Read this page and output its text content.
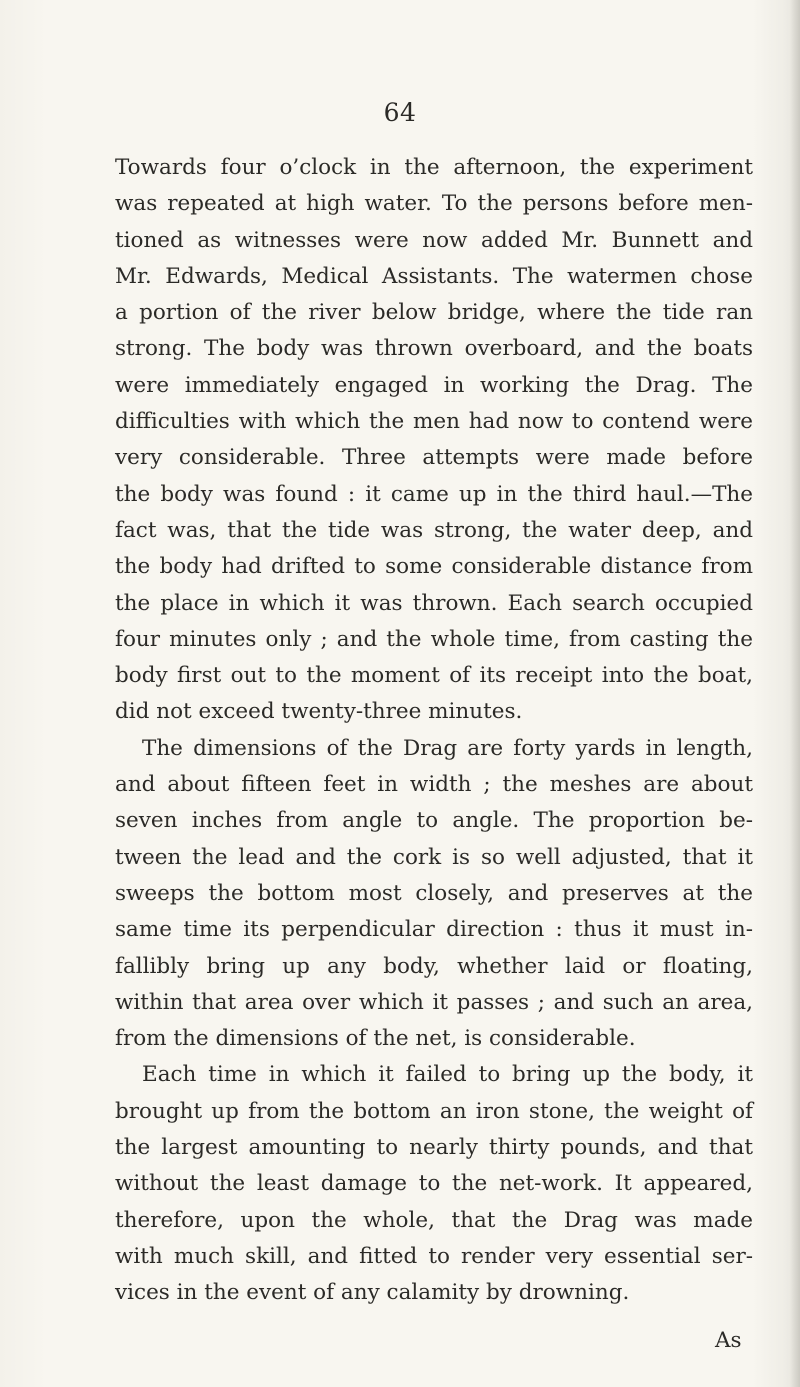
64
Towards four o’clock in the afternoon, the experiment
was repeated at high water. To the persons before men-
tioned as witnesses were now added Mr. Bunnett and
Mr. Edwards, Medical Assistants. The watermen chose
a portion of the river below bridge, where the tide ran
strong. The body was thrown overboard, and the boats
were immediately engaged in working the Drag. The
difficulties with which the men had now to contend were
very considerable. Three attempts were made before
the body was found : it came up in the third haul.—The
fact was, that the tide was strong, the water deep, and
the body had drifted to some considerable distance from
the place in which it was thrown. Each search occupied
four minutes only ; and the whole time, from casting the
body first out to the moment of its receipt into the boat,
did not exceed twenty-three minutes.
The dimensions of the Drag are forty yards in length,
and about fifteen feet in width ; the meshes are about
seven inches from angle to angle. The proportion be-
tween the lead and the cork is so well adjusted, that it
sweeps the bottom most closely, and preserves at the
same time its perpendicular direction : thus it must in-
fallibly bring up any body, whether laid or floating,
within that area over which it passes ; and such an area,
from the dimensions of the net, is considerable.
Each time in which it failed to bring up the body, it
brought up from the bottom an iron stone, the weight of
the largest amounting to nearly thirty pounds, and that
without the least damage to the net-work. It appeared,
therefore, upon the whole, that the Drag was made
with much skill, and fitted to render very essential ser-
vices in the event of any calamity by drowning.
As
